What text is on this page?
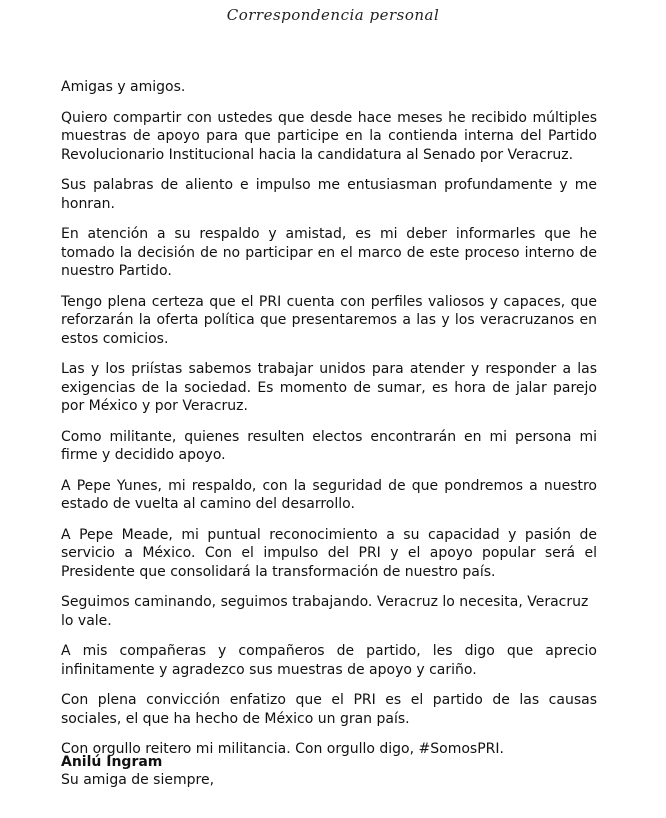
Correspondencia personal

Amigas y amigos.

Quiero compartir con ustedes que desde hace meses he recibido múltiples muestras de apoyo para que participe en la contienda interna del Partido Revolucionario Institucional hacia la candidatura al Senado por Veracruz.

Sus palabras de aliento e impulso me entusiasman profundamente y me honran.

En atención a su respaldo y amistad, es mi deber informarles que he tomado la decisión de no participar en el marco de este proceso interno de nuestro Partido.

Tengo plena certeza que el PRI cuenta con perfiles valiosos y capaces, que reforzarán la oferta política que presentaremos a las y los veracruzanos en estos comicios.

Las y los priístas sabemos trabajar unidos para atender y responder a las exigencias de la sociedad. Es momento de sumar, es hora de jalar parejo por México y por Veracruz.

Como militante, quienes resulten electos encontrarán en mi persona mi firme y decidido apoyo.

A Pepe Yunes, mi respaldo, con la seguridad de que pondremos a nuestro estado de vuelta al camino del desarrollo.

A Pepe Meade, mi puntual reconocimiento a su capacidad y pasión de servicio a México. Con el impulso del PRI y el apoyo popular será el Presidente que consolidará la transformación de nuestro país.

Seguimos caminando, seguimos trabajando. Veracruz lo necesita, Veracruz lo vale.

A mis compañeras y compañeros de partido, les digo que aprecio infinitamente y agradezco sus muestras de apoyo y cariño.

Con plena convicción enfatizo que el PRI es el partido de las causas sociales, el que ha hecho de México un gran país.

Con orgullo reitero mi militancia. Con orgullo digo, #SomosPRI.

Su amiga de siempre,

Anilú Ingram
